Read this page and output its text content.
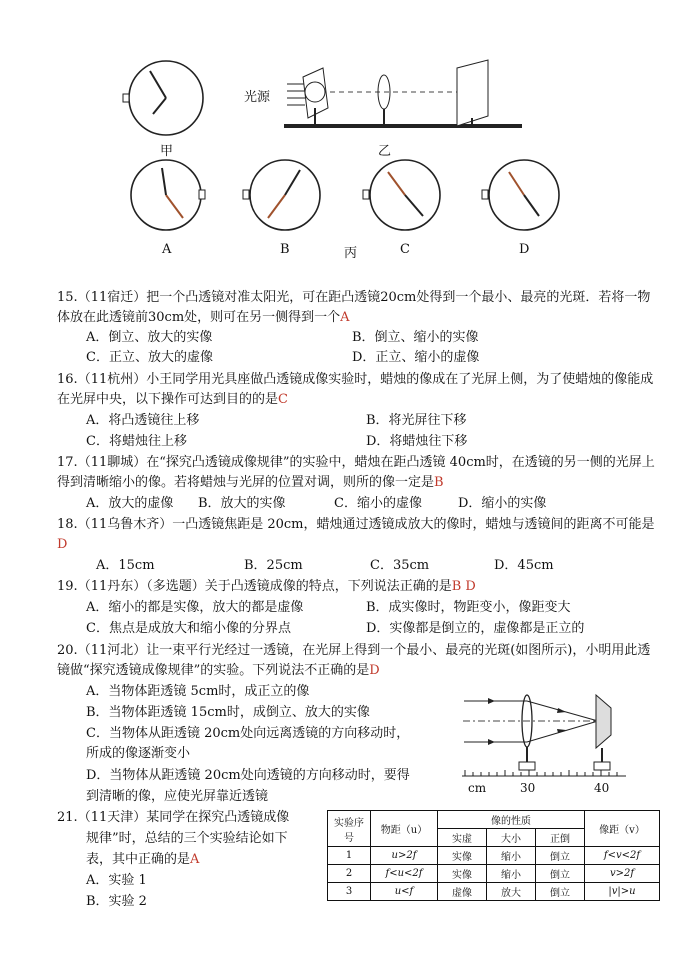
光源
甲	乙
A	B	丙	C	D
15.（11宿迁）把一个凸透镜对准太阳光，可在距凸透镜20cm处得到一个最小、最亮的光斑．若将一物体放在此透镜前30cm处，则可在另一侧得到一个A
A．倒立、放大的实像	B．倒立、缩小的实像
C．正立、放大的虚像	D．正立、缩小的虚像
16.（11杭州）小王同学用光具座做凸透镜成像实验时，蜡烛的像成在了光屏上侧，为了使蜡烛的像能成在光屏中央，以下操作可达到目的的是C
A．将凸透镜往上移	B．将光屏往下移
C．将蜡烛往上移	D．将蜡烛往下移
17.（11聊城）在“探究凸透镜成像规律”的实验中，蜡烛在距凸透镜 40cm时，在透镜的另一侧的光屏上得到清晰缩小的像。若将蜡烛与光屏的位置对调，则所的像一定是B
A．放大的虚像 B．放大的实像	C．缩小的虚像	D．缩小的实像
18.（11乌鲁木齐）一凸透镜焦距是 20cm，蜡烛通过透镜成放大的像时，蜡烛与透镜间的距离不可能是D
A．15cm	B．25cm	C．35cm	D．45cm
19.（11丹东）（多选题）关于凸透镜成像的特点，下列说法正确的是B D
A．缩小的都是实像，放大的都是虚像	B．成实像时，物距变小，像距变大
C．焦点是成放大和缩小像的分界点	D．实像都是倒立的，虚像都是正立的
20.（11河北）让一束平行光经过一透镜，在光屏上得到一个最小、最亮的光斑(如图所示)，小明用此透镜做“探究透镜成像规律”的实验。下列说法不正确的是D
A．当物体距透镜 5cm时，成正立的像
B．当物体距透镜 15cm时，成倒立、放大的实像
C．当物体从距透镜 20cm处向远离透镜的方向移动时，
所成的像逐渐变小
D．当物体从距透镜 20cm处向透镜的方向移动时，要得
到清晰的像，应使光屏靠近透镜
cm	30	40
21.（11天津）某同学在探究凸透镜成像
规律”时，总结的三个实验结论如下
表，其中正确的是A
A．实验 1
B．实验 2
实验序号	物距（u）	像的性质			像距（v）
		实虚	大小	正倒	
1	u>2f	实像	缩小	倒立	f<v<2f
2	f<u<2f	实像	缩小	倒立	v>2f
3	u<f	虚像	放大	倒立	|v|>u
